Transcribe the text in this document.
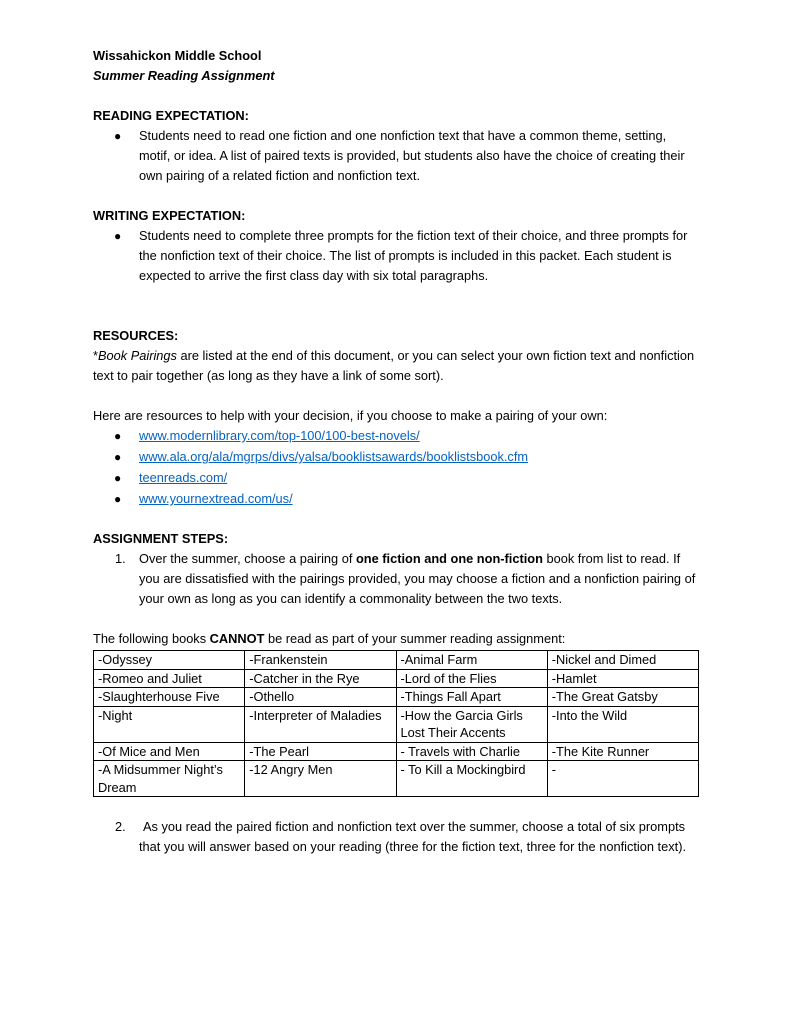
Wissahickon Middle School

Summer Reading Assignment

READING EXPECTATION:

● Students need to read one fiction and one nonfiction text that have a common theme, setting, motif, or idea. A list of paired texts is provided, but students also have the choice of creating their own pairing of a related fiction and nonfiction text.

WRITING EXPECTATION:

● Students need to complete three prompts for the fiction text of their choice, and three prompts for the nonfiction text of their choice. The list of prompts is included in this packet. Each student is expected to arrive the first class day with six total paragraphs.

RESOURCES:

*Book Pairings are listed at the end of this document, or you can select your own fiction text and nonfiction text to pair together (as long as they have a link of some sort).

Here are resources to help with your decision, if you choose to make a pairing of your own:

● www.modernlibrary.com/top-100/100-best-novels/
● www.ala.org/ala/mgrps/divs/yalsa/booklistsawards/booklistsbook.cfm
● teenreads.com/
● www.yournextread.com/us/

ASSIGNMENT STEPS:

1. Over the summer, choose a pairing of one fiction and one non-fiction book from list to read. If you are dissatisfied with the pairings provided, you may choose a fiction and a nonfiction pairing of your own as long as you can identify a commonality between the two texts.

The following books CANNOT be read as part of your summer reading assignment:

-Odyssey	-Frankenstein	-Animal Farm	-Nickel and Dimed
-Romeo and Juliet	-Catcher in the Rye	-Lord of the Flies	-Hamlet
-Slaughterhouse Five	-Othello	-Things Fall Apart	-The Great Gatsby
-Night	-Interpreter of Maladies	-How the Garcia Girls Lost Their Accents	-Into the Wild
-Of Mice and Men	-The Pearl	- Travels with Charlie	-The Kite Runner
-A Midsummer Night’s Dream	-12 Angry Men	- To Kill a Mockingbird	-
2. As you read the paired fiction and nonfiction text over the summer, choose a total of six prompts that you will answer based on your reading (three for the fiction text, three for the nonfiction text).
